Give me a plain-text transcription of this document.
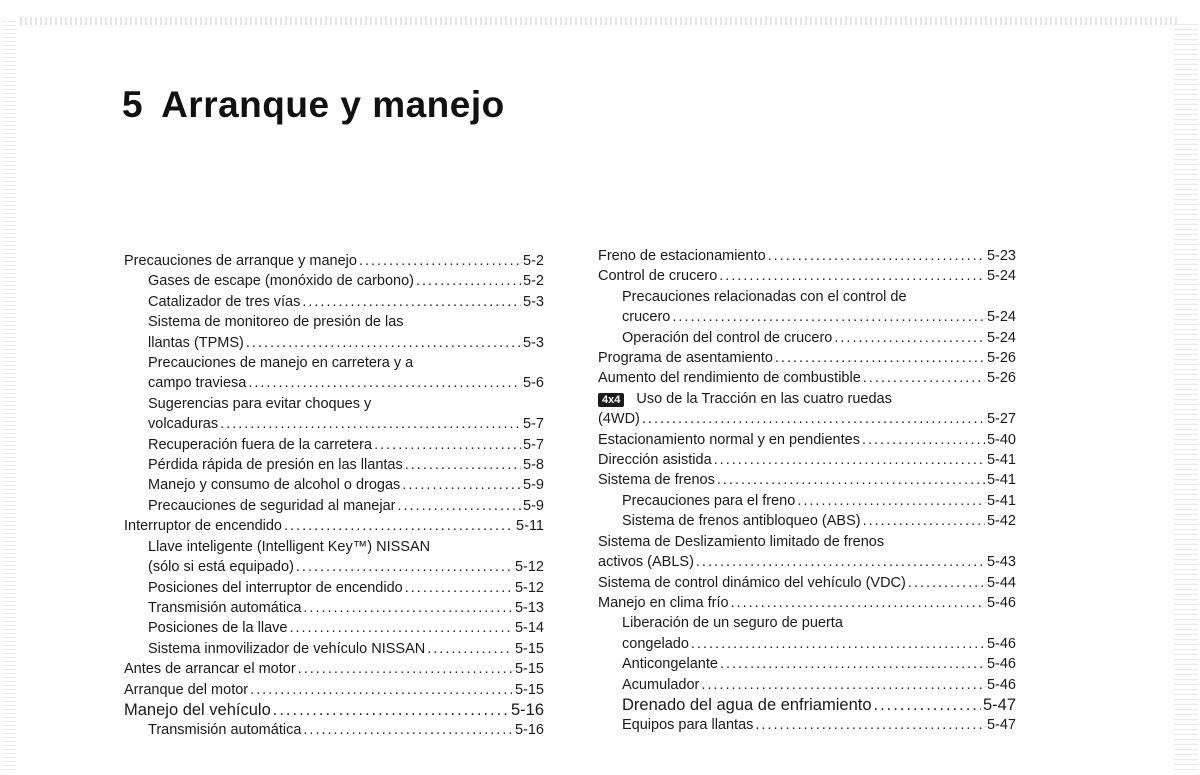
5 Arranque y manejo
Precauciones de arranque y manejo .....	5-2
Gases de escape (monóxido de carbono) .....	5-2
Catalizador de tres vías .....	5-3
Sistema de monitoreo de presión de las
llantas (TPMS) .....	5-3
Precauciones de manejo en carretera y a
campo traviesa .....	5-6
Sugerencias para evitar choques y
volcaduras .....	5-7
Recuperación fuera de la carretera .....	5-7
Pérdida rápida de presión en las llantas .....	5-8
Manejo y consumo de alcohol o drogas .....	5-9
Precauciones de seguridad al manejar .....	5-9
Interruptor de encendido .....	5-11
Llave inteligente (Intelligent Key™) NISSAN
(sólo si está equipado) .....	5-12
Posiciones del interruptor de encendido .....	5-12
Transmisión automática .....	5-13
Posiciones de la llave .....	5-14
Sistema inmovilizador de vehículo NISSAN .....	5-15
Antes de arrancar el motor .....	5-15
Arranque del motor .....	5-15
Manejo del vehículo .....	5-16
Transmisión automática .....	5-16
Freno de estacionamiento .....	5-23
Control de crucero .....	5-24
Precauciones relacionadas con el control de
crucero .....	5-24
Operación del control de crucero .....	5-24
Programa de asentamiento .....	5-26
Aumento del rendimiento de combustible .....	5-26
4x4 Uso de la Tracción en las cuatro ruedas
(4WD) .....	5-27
Estacionamiento normal y en pendientes .....	5-40
Dirección asistida .....	5-41
Sistema de frenos .....	5-41
Precauciones para el freno .....	5-41
Sistema de frenos antibloqueo (ABS) .....	5-42
Sistema de Deslizamiento limitado de frenos
activos (ABLS) .....	5-43
Sistema de control dinámico del vehículo (VDC) .....	5-44
Manejo en clima frío .....	5-46
Liberación de un seguro de puerta
congelado .....	5-46
Anticongelante .....	5-46
Acumulador .....	5-46
Drenado del agua de enfriamiento .....	5-47
Equipos para llantas .....	5-47
